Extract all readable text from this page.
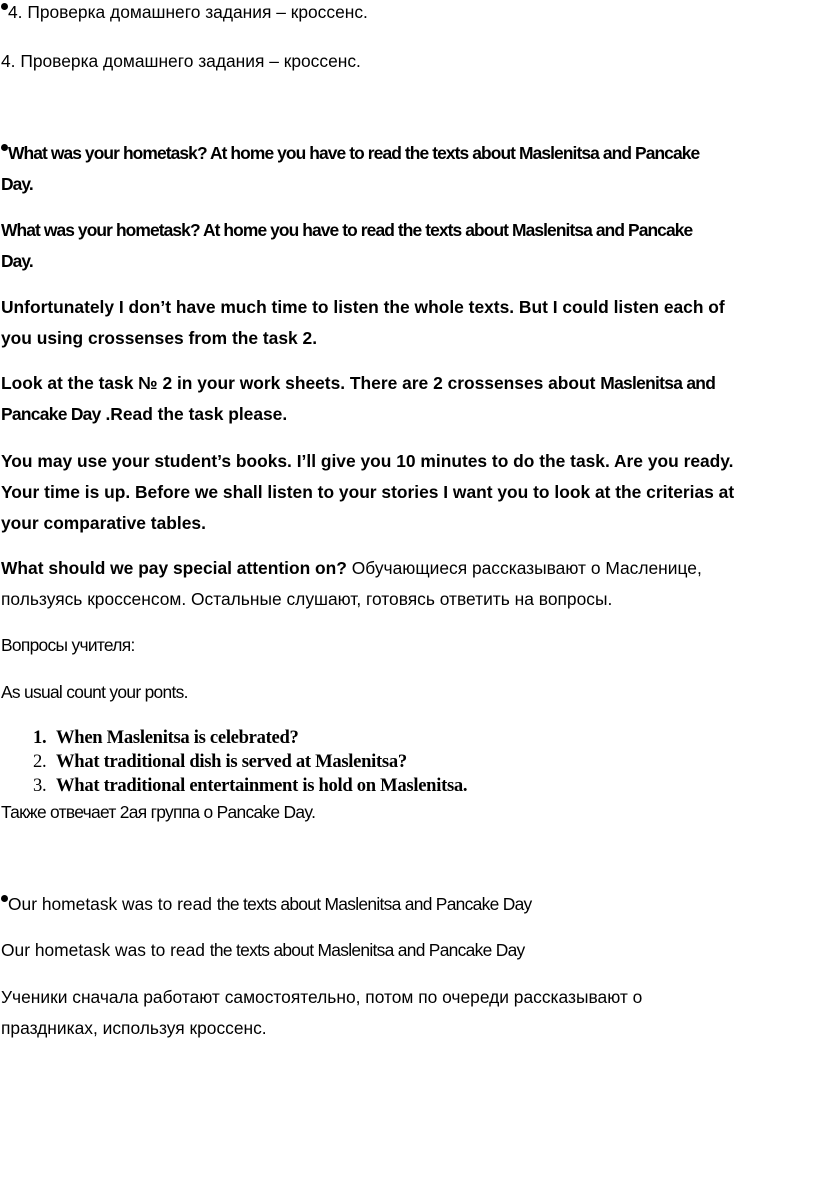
4. Проверка домашнего задания – кроссенс.
4. Проверка домашнего задания – кроссенс.
What was your hometask? At home you have to read the texts about Maslenitsa and Pancake
Day.
What was your hometask? At home you have to read the texts about Maslenitsa and Pancake
Day.
Unfortunately I don’t have much time to listen the whole texts. But I could listen each of
you using crossenses from the task 2.
Look at the task № 2 in your work sheets. There are 2 crossenses about Maslenitsa and
Pancake Day .Read the task please.
You may use your student’s books. I’ll give you 10 minutes to do the task. Are you ready.
Your time is up. Before we shall listen to your stories I want you to look at the criterias at
your comparative tables.
What should we pay special attention on? Обучающиеся рассказывают о Масленице,
пользуясь кроссенсом. Остальные слушают, готовясь ответить на вопросы.
Вопросы учителя:
As usual count your ponts.
1. When Maslenitsa is celebrated?
2. What traditional dish is served at Maslenitsa?
3. What traditional entertainment is hold on Maslenitsa.
Также отвечает 2ая группа о Pancake Day.
Our hometask was to read the texts about Maslenitsa and Pancake Day
Our hometask was to read the texts about Maslenitsa and Pancake Day
Ученики сначала работают самостоятельно, потом по очереди рассказывают о
праздниках, используя кроссенс.
